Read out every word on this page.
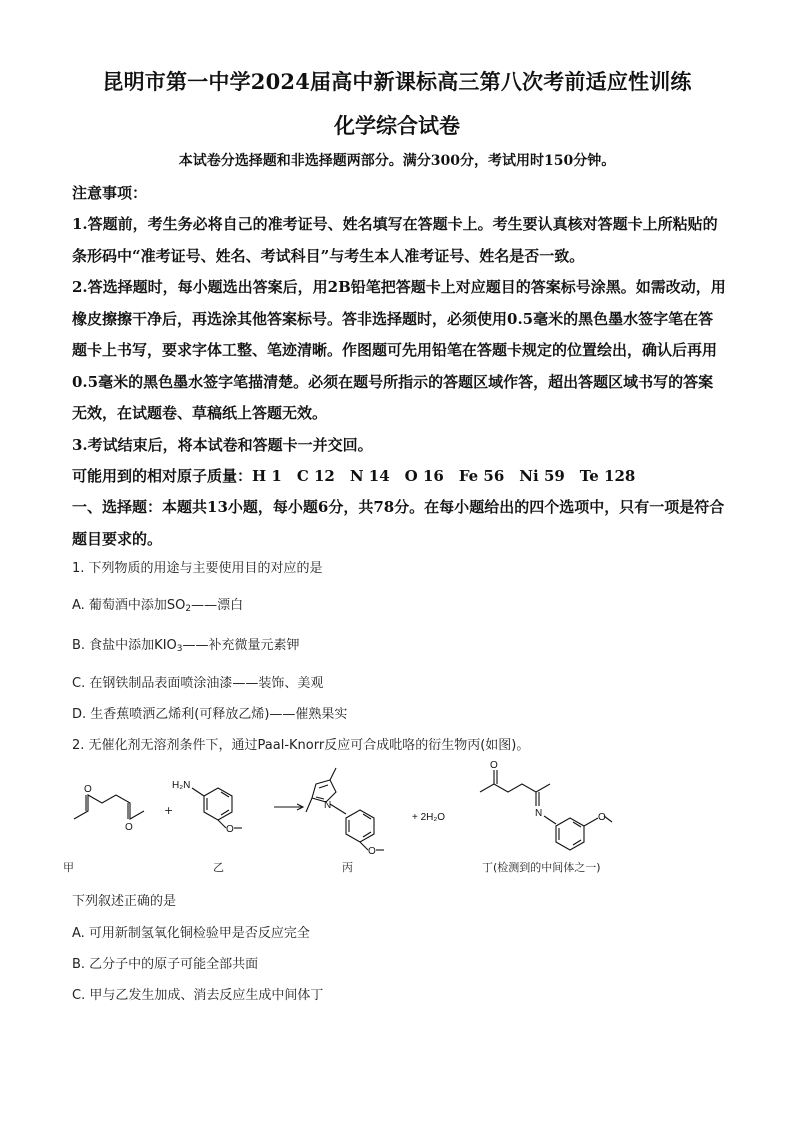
昆明市第一中学2024届高中新课标高三第八次考前适应性训练
化学综合试卷
本试卷分选择题和非选择题两部分。满分300分，考试用时150分钟。
注意事项：
1.答题前，考生务必将自己的准考证号、姓名填写在答题卡上。考生要认真核对答题卡上所粘贴的条形码中“准考证号、姓名、考试科目”与考生本人准考证号、姓名是否一致。
2.答选择题时，每小题选出答案后，用2B铅笔把答题卡上对应题目的答案标号涂黑。如需改动，用橡皮擦擦干净后，再选涂其他答案标号。答非选择题时，必须使用0.5毫米的黑色墨水签字笔在答题卡上书写，要求字体工整、笔迹清晰。作图题可先用铅笔在答题卡规定的位置绘出，确认后再用0.5毫米的黑色墨水签字笔描清楚。必须在题号所指示的答题区域作答，超出答题区域书写的答案无效，在试题卷、草稿纸上答题无效。
3.考试结束后，将本试卷和答题卡一并交回。
可能用到的相对原子质量：H 1　C 12　N 14　O 16　Fe 56　Ni 59　Te 128
一、选择题：本题共13小题，每小题6分，共78分。在每小题给出的四个选项中，只有一项是符合题目要求的。
1. 下列物质的用途与主要使用目的对应的是
A. 葡萄酒中添加$SO_2——$漂白
B. 食盐中添加$KIO_3——$补充微量元素钾
C. 在钢铁制品表面喷涂油漆——装饰、美观
D. 生香蕉喷洒乙烯利(可释放乙烯)——催熟果实
2. 无催化剂无溶剂条件下，通过Paal-Knorr反应可合成吡咯的衍生物丙(如图)。
O
O
+
H₂N
O
N
O
+ 2H₂O
O
N	O
甲	乙	丙	丁(检测到的中间体之一)
下列叙述正确的是
A. 可用新制氢氧化铜检验甲是否反应完全
B. 乙分子中的原子可能全部共面
C. 甲与乙发生加成、消去反应生成中间体丁
